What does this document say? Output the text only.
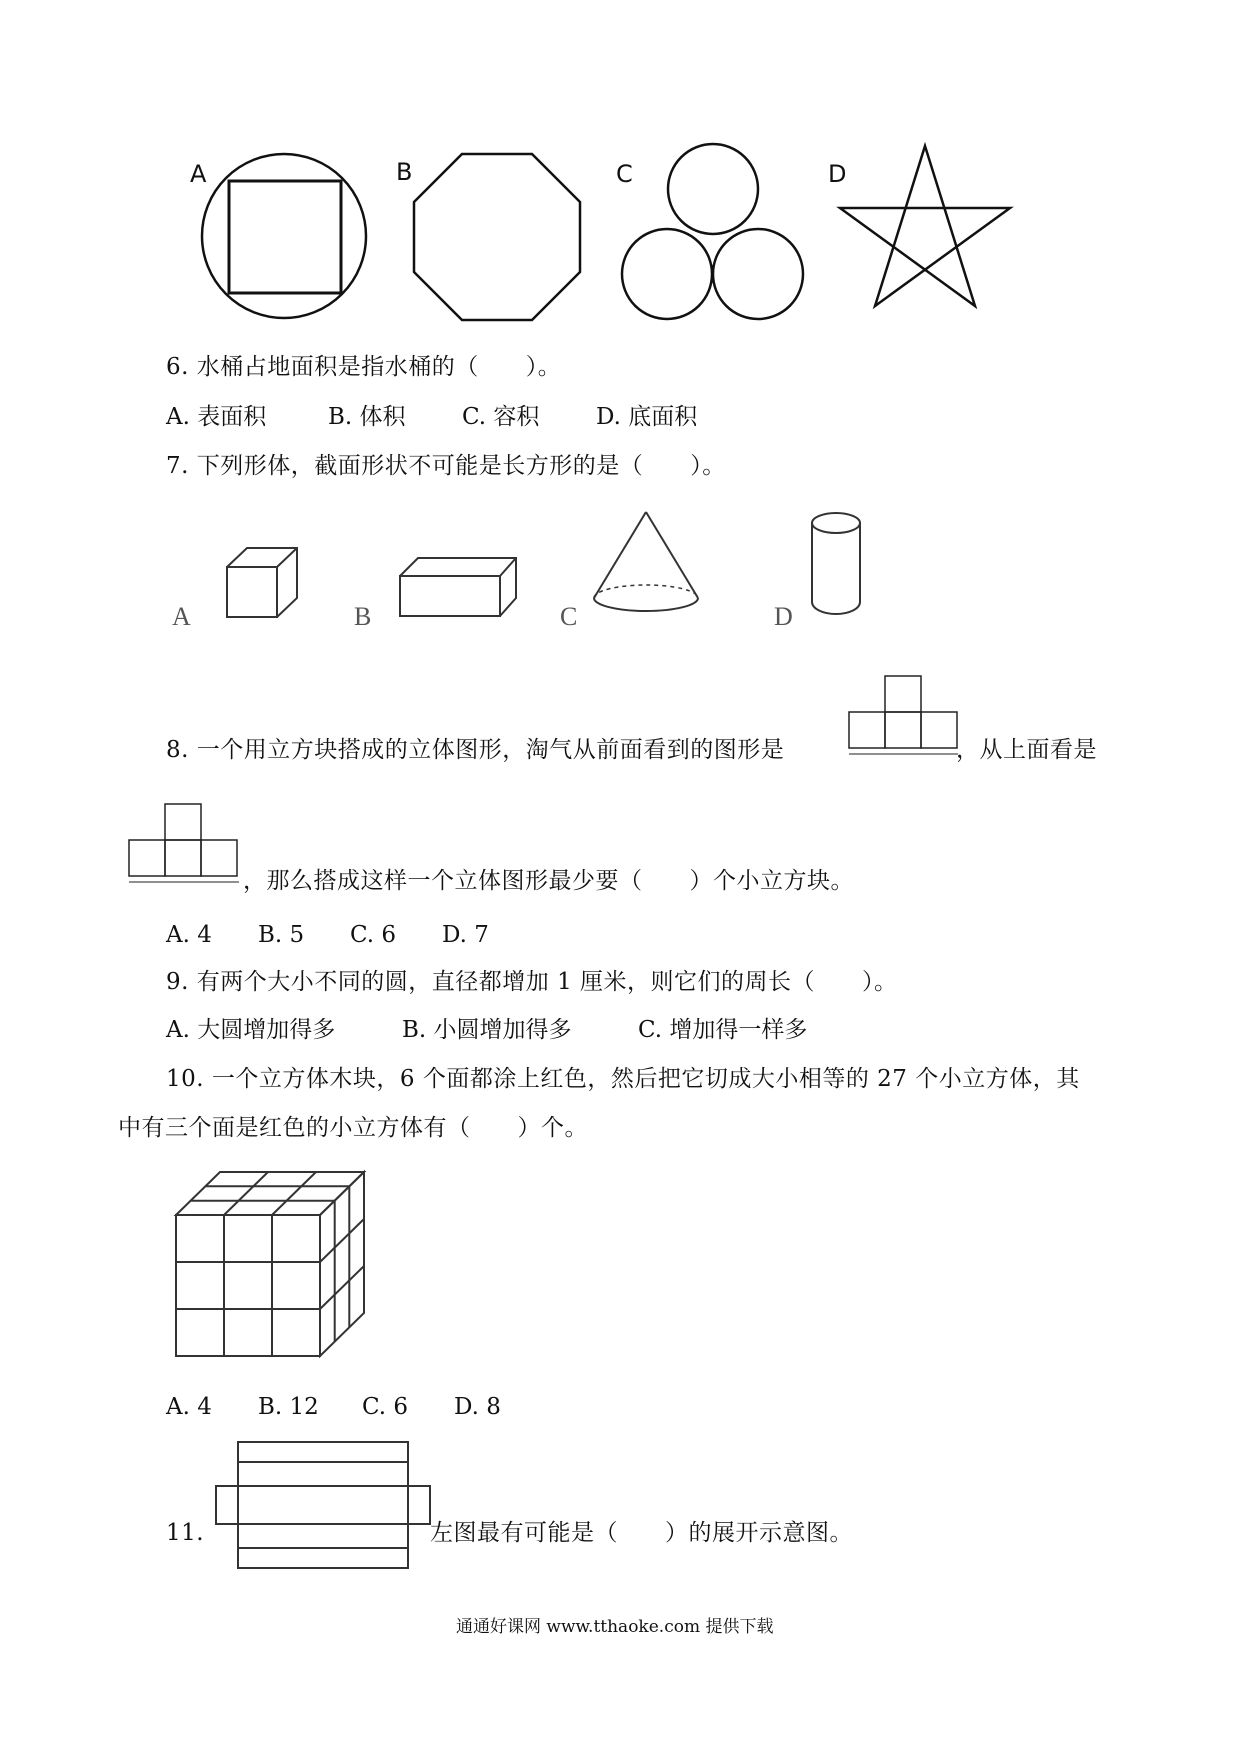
A	B	C	D
6. 水桶占地面积是指水桶的（　　）。
A. 表面积	B. 体积 C. 容积 D. 底面积
7. 下列形体，截面形状不可能是长方形的是（　　）。
A	B	C	D
8. 一个用立方块搭成的立体图形，淘气从前面看到的图形是	，从上面看是
，那么搭成这样一个立体图形最少要（　　）个小立方块。
A. 4 B. 5 C. 6 D. 7
9. 有两个大小不同的圆，直径都增加 1 厘米，则它们的周长（　　）。
A. 大圆增加得多	B. 小圆增加得多	C. 增加得一样多
10. 一个立方体木块，6 个面都涂上红色，然后把它切成大小相等的 27 个小立方体，其
中有三个面是红色的小立方体有（　　）个。
A. 4 B. 12 C. 6 D. 8
11.	左图最有可能是（　　）的展开示意图。
通通好课网 www.tthaoke.com 提供下载
